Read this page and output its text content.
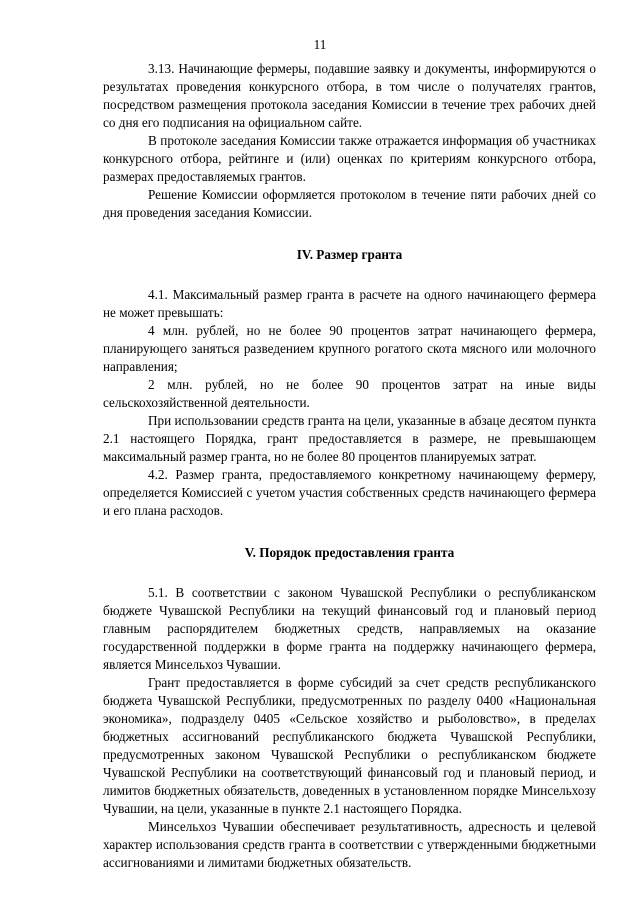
11

3.13. Начинающие фермеры, подавшие заявку и документы, информируются о результатах проведения конкурсного отбора, в том числе о получателях грантов, посредством размещения протокола заседания Комиссии в течение трех рабочих дней со дня его подписания на официальном сайте.

В протоколе заседания Комиссии также отражается информация об участниках конкурсного отбора, рейтинге и (или) оценках по критериям конкурсного отбора, размерах предоставляемых грантов.

Решение Комиссии оформляется протоколом в течение пяти рабочих дней со дня проведения заседания Комиссии.

IV. Размер гранта

4.1. Максимальный размер гранта в расчете на одного начинающего фермера не может превышать:

4 млн. рублей, но не более 90 процентов затрат начинающего фермера, планирующего заняться разведением крупного рогатого скота мясного или молочного направления;

2 млн. рублей, но не более 90 процентов затрат на иные виды сельскохозяйственной деятельности.

При использовании средств гранта на цели, указанные в абзаце десятом пункта 2.1 настоящего Порядка, грант предоставляется в размере, не превышающем максимальный размер гранта, но не более 80 процентов планируемых затрат.

4.2. Размер гранта, предоставляемого конкретному начинающему фермеру, определяется Комиссией с учетом участия собственных средств начинающего фермера и его плана расходов.

V. Порядок предоставления гранта

5.1. В соответствии с законом Чувашской Республики о республиканском бюджете Чувашской Республики на текущий финансовый год и плановый период главным распорядителем бюджетных средств, направляемых на оказание государственной поддержки в форме гранта на поддержку начинающего фермера, является Минсельхоз Чувашии.

Грант предоставляется в форме субсидий за счет средств республиканского бюджета Чувашской Республики, предусмотренных по разделу 0400 «Национальная экономика», подразделу 0405 «Сельское хозяйство и рыболовство», в пределах бюджетных ассигнований республиканского бюджета Чувашской Республики, предусмотренных законом Чувашской Республики о республиканском бюджете Чувашской Республики на соответствующий финансовый год и плановый период, и лимитов бюджетных обязательств, доведенных в установленном порядке Минсельхозу Чувашии, на цели, указанные в пункте 2.1 настоящего Порядка.

Минсельхоз Чувашии обеспечивает результативность, адресность и целевой характер использования средств гранта в соответствии с утвержденными бюджетными ассигнованиями и лимитами бюджетных обязательств.
